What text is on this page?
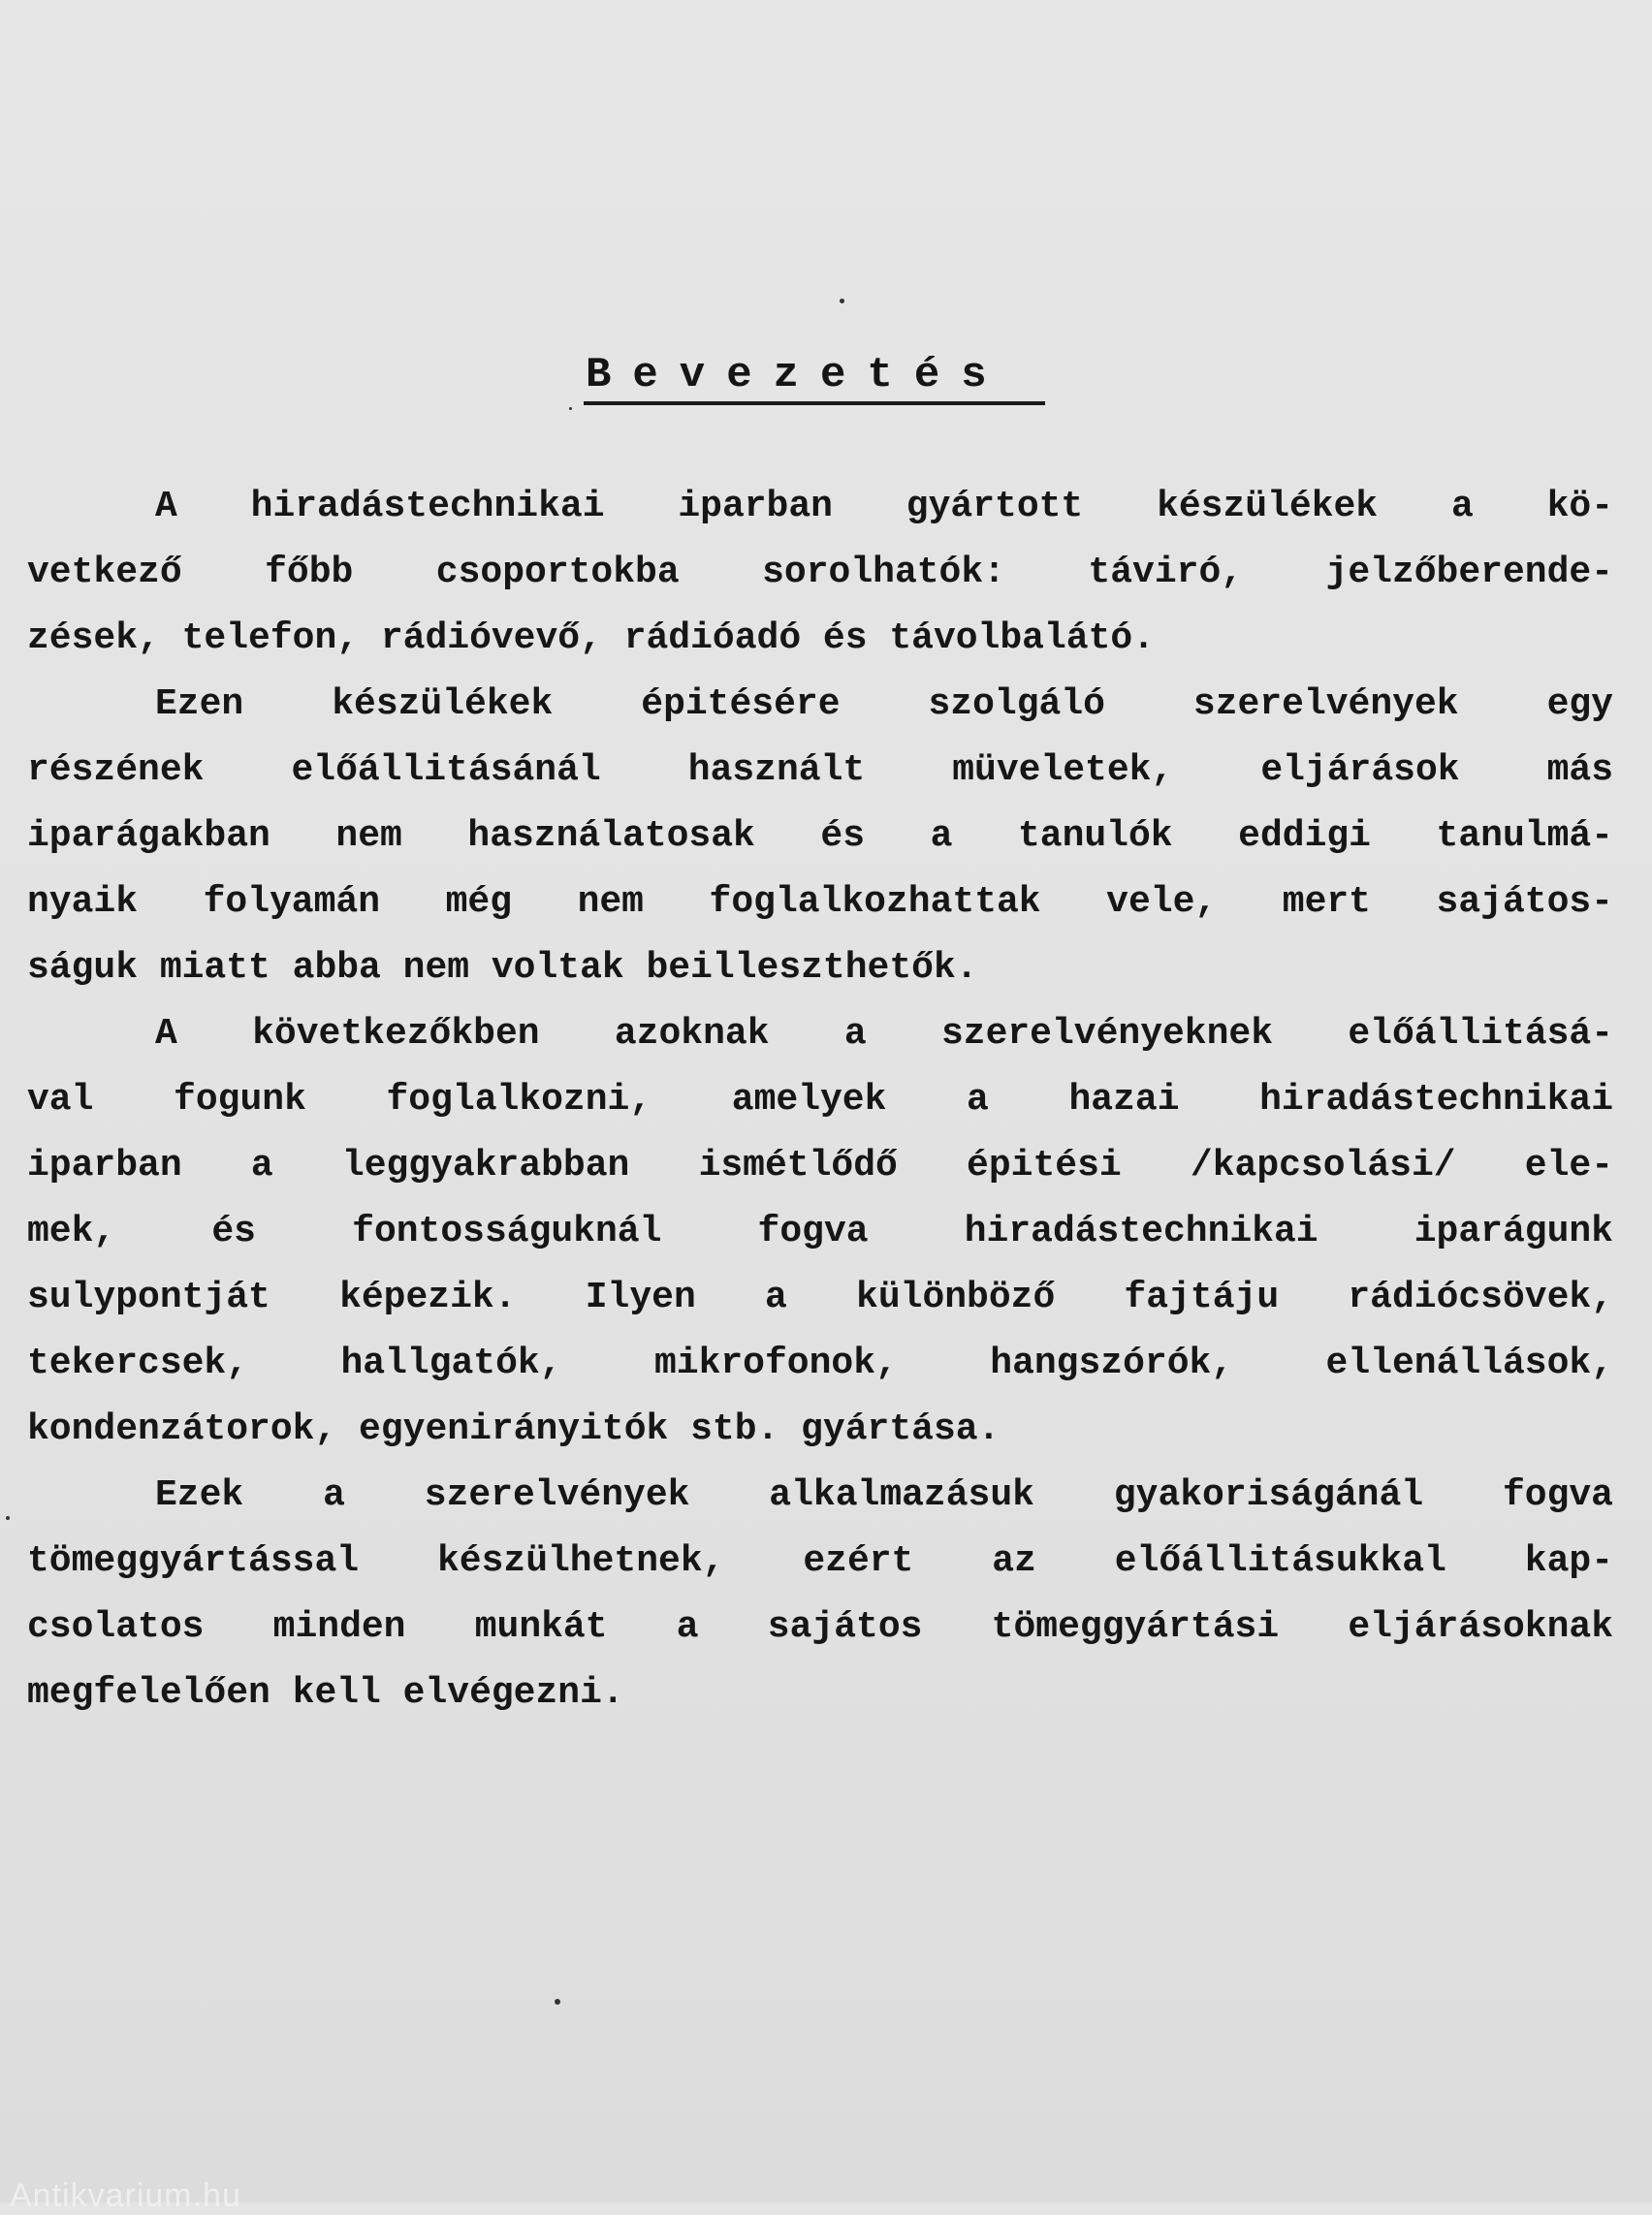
Bevezetés
A hiradástechnikai iparban gyártott készülékek a kö-
vetkező főbb csoportokba sorolhatók: táviró, jelzőberende-
zések, telefon, rádióvevő, rádióadó és távolbalátó.
Ezen készülékek épitésére szolgáló szerelvények egy
részének előállitásánál használt müveletek, eljárások más
iparágakban nem használatosak és a tanulók eddigi tanulmá-
nyaik folyamán még nem foglalkozhattak vele, mert sajátos-
ságuk miatt abba nem voltak beilleszthetők.
A következőkben azoknak a szerelvényeknek előállitásá-
val fogunk foglalkozni, amelyek a hazai hiradástechnikai
iparban a leggyakrabban ismétlődő épitési /kapcsolási/ ele-
mek, és fontosságuknál fogva hiradástechnikai iparágunk
sulypontját képezik. Ilyen a különböző fajtáju rádiócsövek,
tekercsek, hallgatók, mikrofonok, hangszórók, ellenállások,
kondenzátorok, egyenirányitók stb. gyártása.
Ezek a szerelvények alkalmazásuk gyakoriságánál fogva
tömeggyártással készülhetnek, ezért az előállitásukkal kap-
csolatos minden munkát a sajátos tömeggyártási eljárásoknak
megfelelően kell elvégezni.
Antikvarium.hu
